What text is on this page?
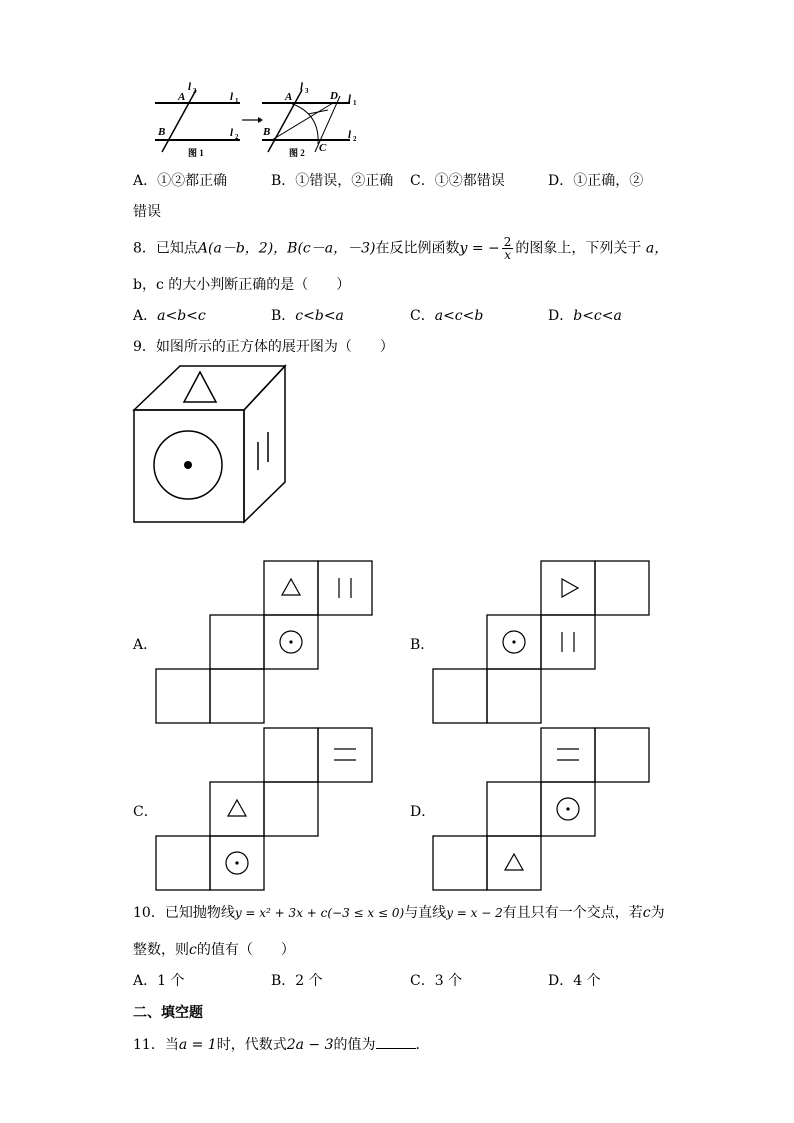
A
B
l 3	l 1
l 2
图 1
A
B
C
D
l 3
l 1
l 2
图 2
A．①②都正确	B．①错误，②正确 C．①②都错误	D．①正确，②
错误
8．已知点A(a－b，2)，B(c－a，－3)在反比例函数y = − $\frac{2}{x}$ 的图象上，下列关于 a，
b，c 的大小判断正确的是（　　）
A．a<b<c	B．c<b<a	C．a<c<b	D．b<c<a
9．如图所示的正方体的展开图为（　　）
A．	B．
C．	D．
10．已知抛物线y = x² + 3x + c(−3 ≤ x ≤ 0)与直线y = x − 2有且只有一个交点，若c为
整数，则c的值有（　　）
A．1 个	B．2 个	C．3 个	D．4 个
二、填空题
11．当a = 1时，代数式2a − 3的值为	．
